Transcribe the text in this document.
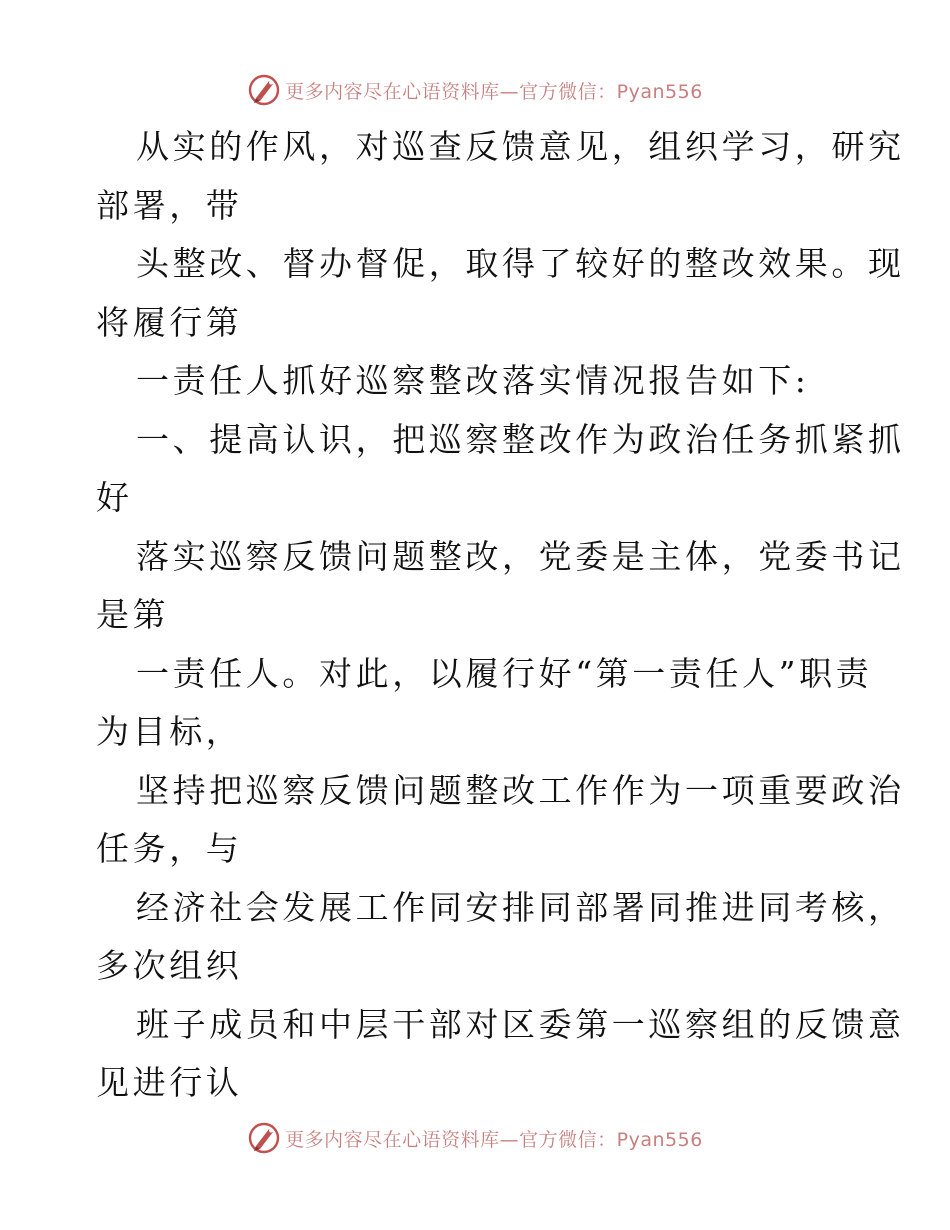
更多内容尽在心语资料库—官方微信：Pyan556
从实的作风，对巡查反馈意见，组织学习，研究
部署，带
头整改、督办督促，取得了较好的整改效果。现
将履行第
一责任人抓好巡察整改落实情况报告如下:
一、提高认识，把巡察整改作为政治任务抓紧抓
好
落实巡察反馈问题整改，党委是主体，党委书记
是第
一责任人。对此，以履行好“第一责任人”职责
为目标，
坚持把巡察反馈问题整改工作作为一项重要政治
任务，与
经济社会发展工作同安排同部署同推进同考核，
多次组织
班子成员和中层干部对区委第一巡察组的反馈意
见进行认
更多内容尽在心语资料库—官方微信：Pyan556
